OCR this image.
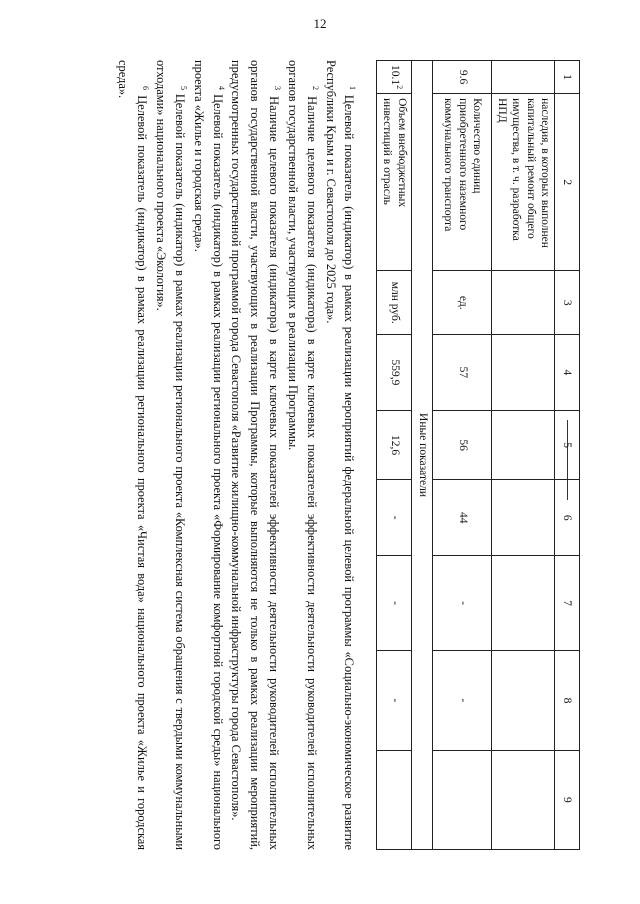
12
1	2	3	4	5	6	7	8	9
	наследия, в которых выполнен капитальный ремонт общего имущества, в т. ч. разработка НПД							
9.6	Количество единиц приобретенного наземного коммунального транспорта	ед.	57	56	44	-	-	
Иные показатели								
10.1$^2$	Объем внебюджетных инвестиций в отрасль	млн руб.	559,9	12,6	-	-	-	

$^1$ Целевой показатель (индикатор) в рамках реализации мероприятий федеральной целевой программы «Социально-экономическое развитие Республики Крым и г. Севастополя до 2025 года».

$^2$ Наличие целевого показателя (индикатора) в карте ключевых показателей эффективности деятельности руководителей исполнительных органов государственной власти, участвующих в реализации Программы.

$^3$ Наличие целевого показателя (индикатора) в карте ключевых показателей эффективности деятельности руководителей исполнительных органов государственной власти, участвующих в реализации Программы, которые выполняются не только в рамках реализации мероприятий, предусмотренных государственной программой города Севастополя «Развитие жилищно-коммунальной инфраструктуры города Севастополя».

$^4$ Целевой показатель (индикатор) в рамках реализации регионального проекта «Формирование комфортной городской среды» национального проекта «Жилье и городская среда».

$^5$ Целевой показатель (индикатор) в рамках реализации регионального проекта «Комплексная система обращения с твердыми коммунальными отходами» национального проекта «Экология».

$^6$ Целевой показатель (индикатор) в рамках реализации регионального проекта «Чистая вода» национального проекта «Жилье и городская среда».
